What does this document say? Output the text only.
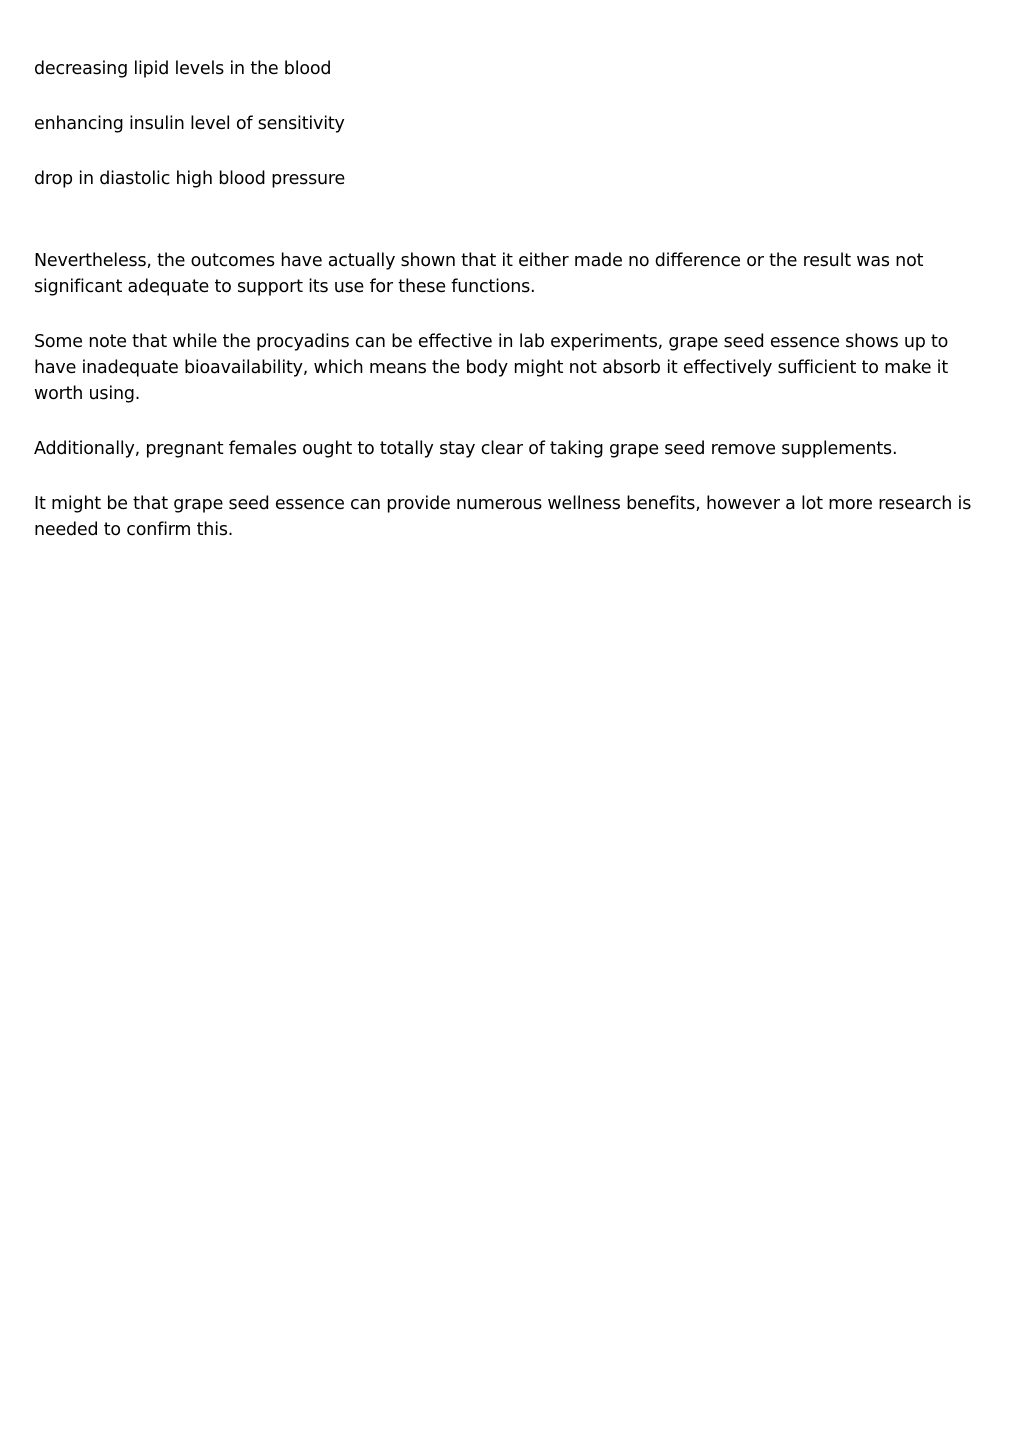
decreasing lipid levels in the blood

enhancing insulin level of sensitivity

drop in diastolic high blood pressure

Nevertheless, the outcomes have actually shown that it either made no difference or the result was not significant adequate to support its use for these functions.

Some note that while the procyadins can be effective in lab experiments, grape seed essence shows up to have inadequate bioavailability, which means the body might not absorb it effectively sufficient to make it worth using.

Additionally, pregnant females ought to totally stay clear of taking grape seed remove supplements.

It might be that grape seed essence can provide numerous wellness benefits, however a lot more research is needed to confirm this.
